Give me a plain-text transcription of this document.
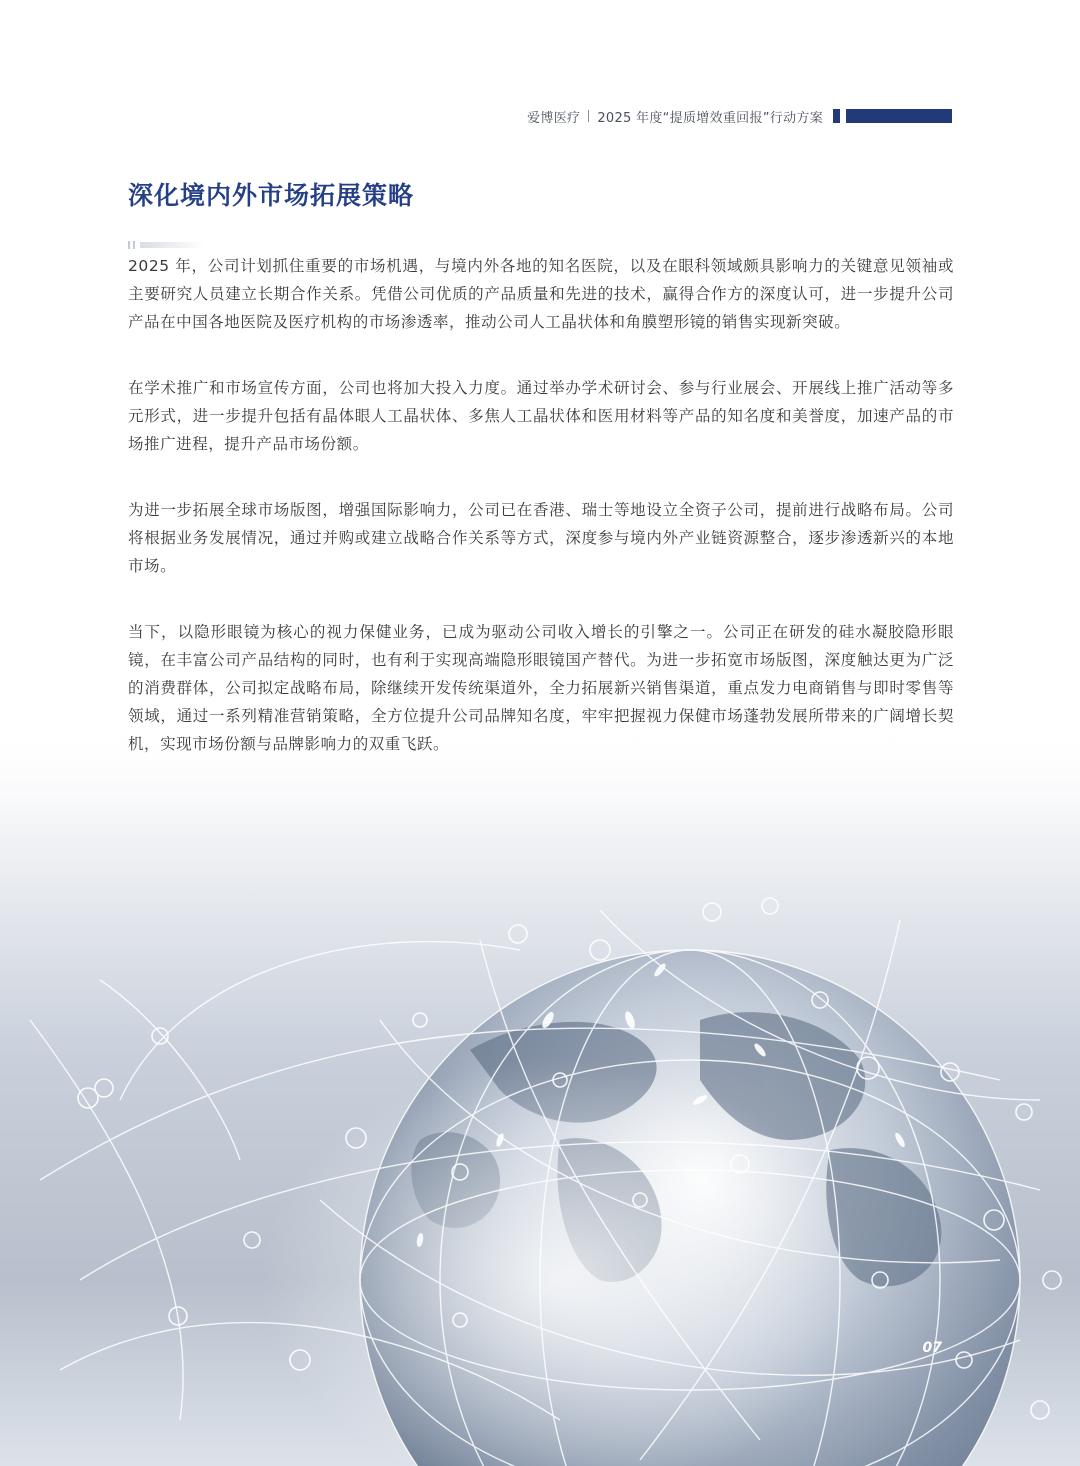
爱博医疗 2025 年度“提质增效重回报”行动方案
深化境内外市场拓展策略

2025 年，公司计划抓住重要的市场机遇，与境内外各地的知名医院，以及在眼科领域颇具影响力的关键意见领袖或主要研究人员建立长期合作关系。凭借公司优质的产品质量和先进的技术，赢得合作方的深度认可，进一步提升公司产品在中国各地医院及医疗机构的市场渗透率，推动公司人工晶状体和角膜塑形镜的销售实现新突破。

在学术推广和市场宣传方面，公司也将加大投入力度。通过举办学术研讨会、参与行业展会、开展线上推广活动等多元形式，进一步提升包括有晶体眼人工晶状体、多焦人工晶状体和医用材料等产品的知名度和美誉度，加速产品的市场推广进程，提升产品市场份额。

为进一步拓展全球市场版图，增强国际影响力，公司已在香港、瑞士等地设立全资子公司，提前进行战略布局。公司将根据业务发展情况，通过并购或建立战略合作关系等方式，深度参与境内外产业链资源整合，逐步渗透新兴的本地市场。

当下，以隐形眼镜为核心的视力保健业务，已成为驱动公司收入增长的引擎之一。公司正在研发的硅水凝胶隐形眼镜，在丰富公司产品结构的同时，也有利于实现高端隐形眼镜国产替代。为进一步拓宽市场版图，深度触达更为广泛的消费群体，公司拟定战略布局，除继续开发传统渠道外，全力拓展新兴销售渠道，重点发力电商销售与即时零售等领域，通过一系列精准营销策略，全方位提升公司品牌知名度，牢牢把握视力保健市场蓬勃发展所带来的广阔增长契机，实现市场份额与品牌影响力的双重飞跃。

07
